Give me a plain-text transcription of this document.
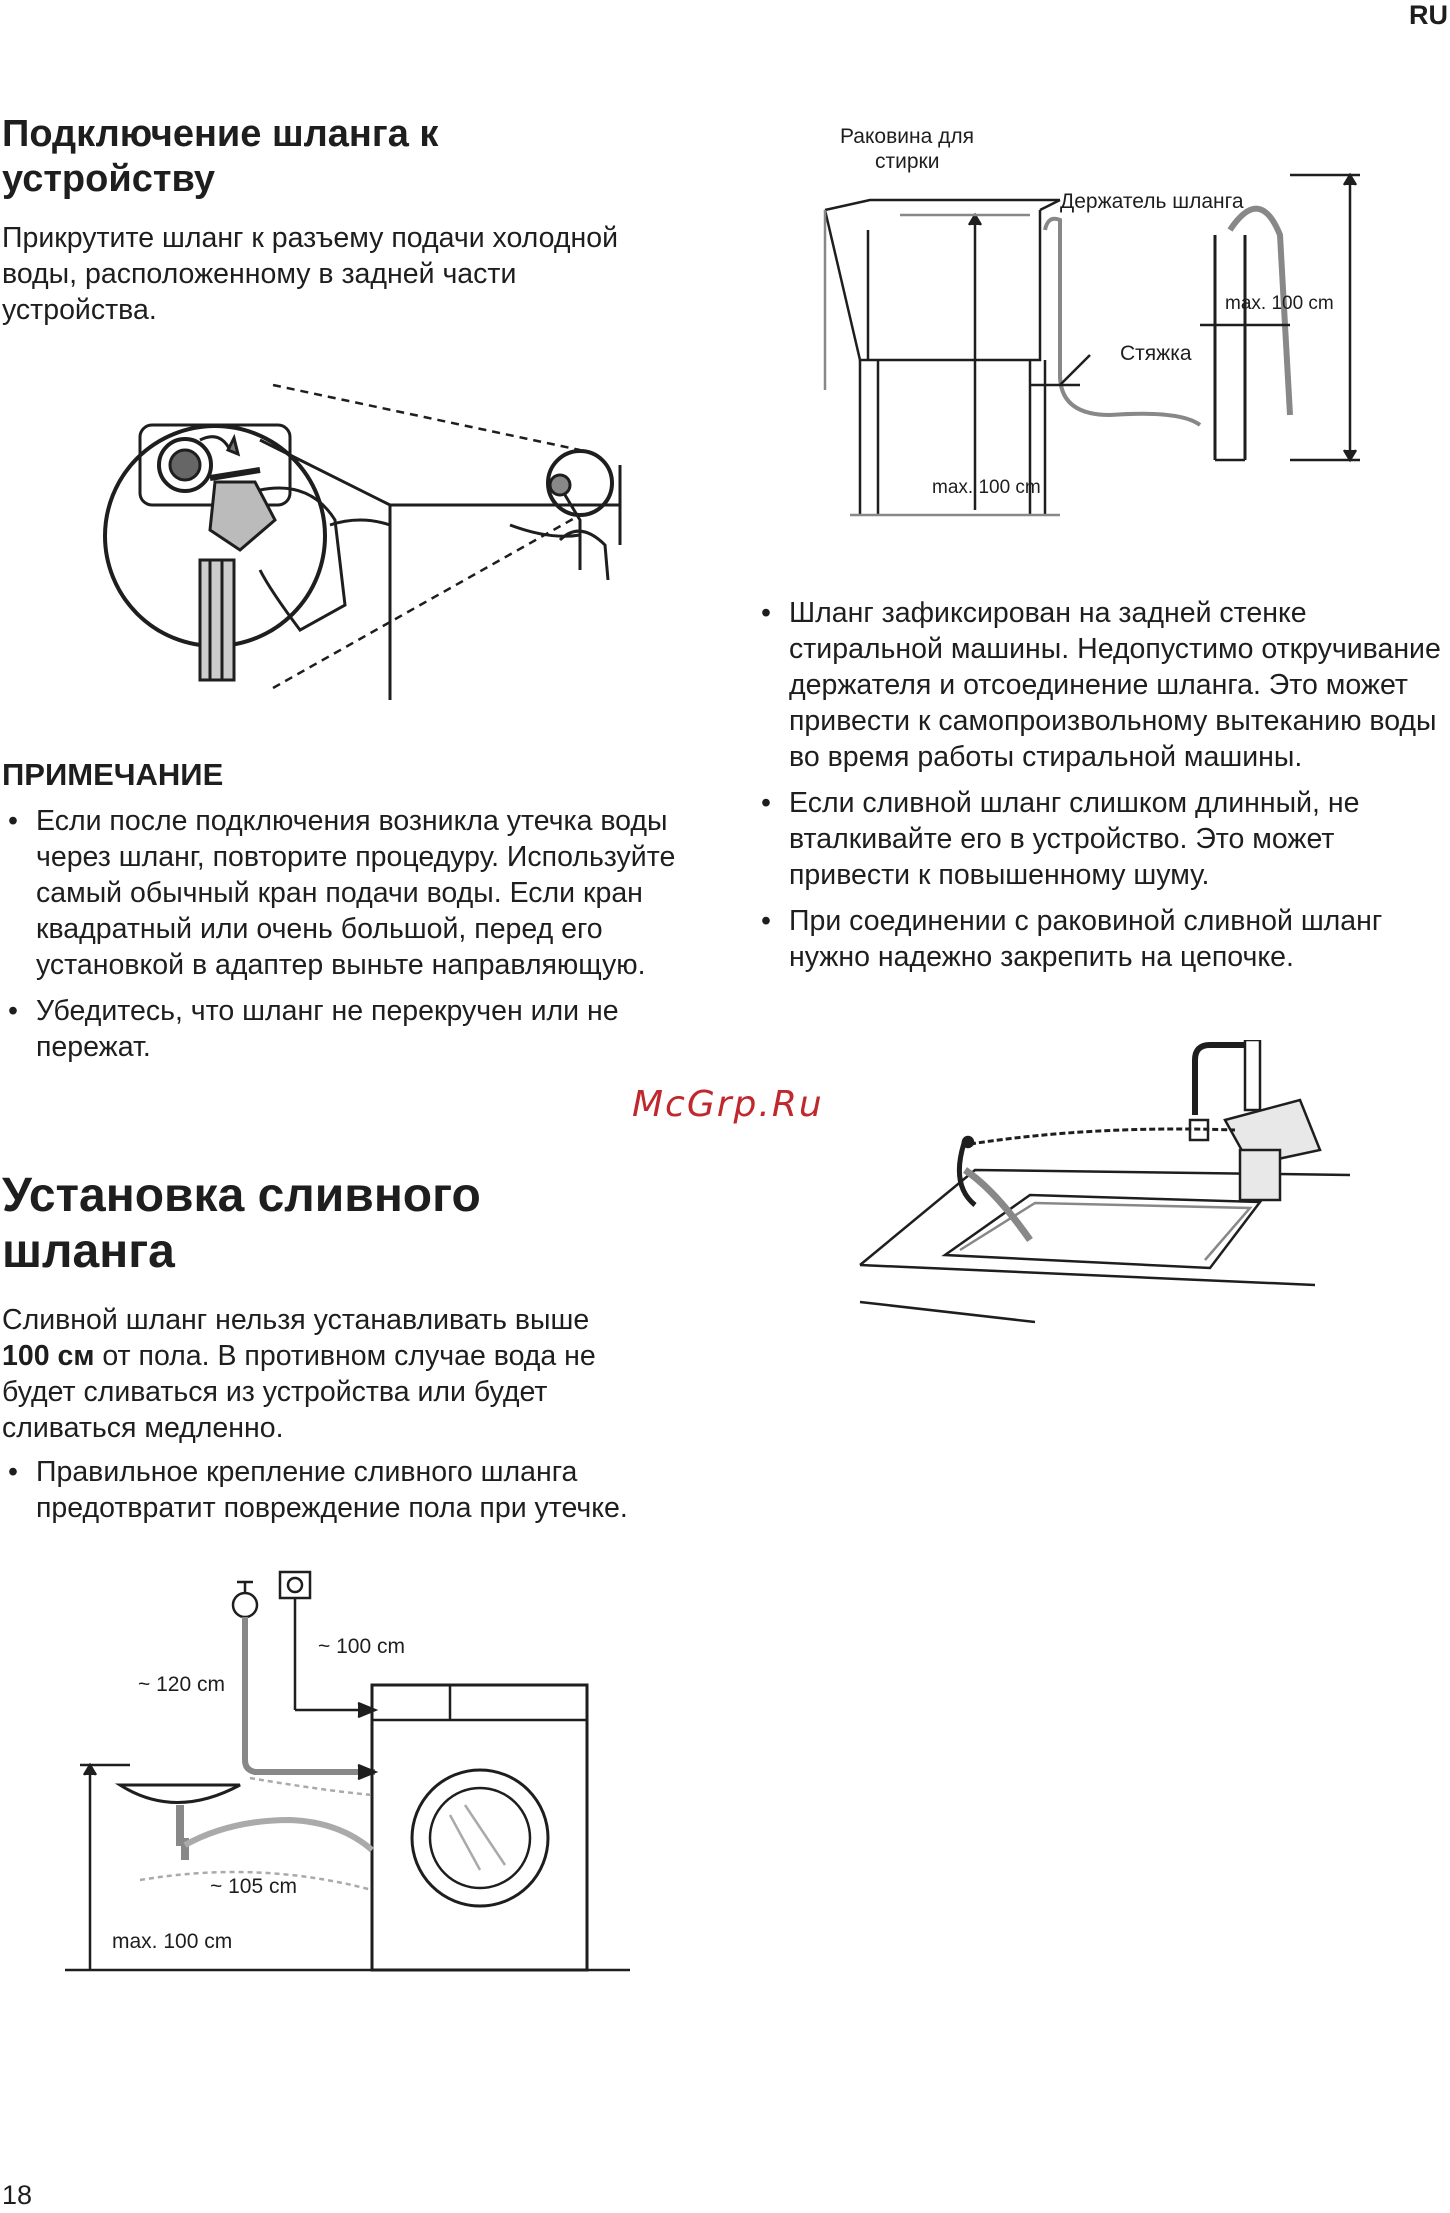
RU
Подключение шланга к
устройству

Прикрутите шланг к разъему подачи холодной
воды, расположенному в задней части
устройства.

ПРИМЕЧАНИЕ
• Если после подключения возникла утечка воды через шланг, повторите процедуру. Используйте самый обычный кран подачи воды. Если кран квадратный или очень большой, перед его установкой в адаптер выньте направляющую.
• Убедитесь, что шланг не перекручен или не пережат.
McGrp.Ru
Установка сливного
шланга

Сливной шланг нельзя устанавливать выше 100 см от пола. В противном случае вода не будет сливаться из устройства или будет сливаться медленно.

• Правильное крепление сливного шланга предотвратит повреждение пола при утечке.
~ 120 cm
~ 100 cm
~ 105 cm
max. 100 cm
Раковина для
стирки
Держатель шланга
max. 100 cm
Стяжка
max. 100 cm
• Шланг зафиксирован на задней стенке стиральной машины. Недопустимо откручивание держателя и отсоединение шланга. Это может привести к самопроизвольному вытеканию воды во время работы стиральной машины.
• Если сливной шланг слишком длинный, не вталкивайте его в устройство. Это может привести к повышенному шуму.
• При соединении с раковиной сливной шланг нужно надежно закрепить на цепочке.
18
